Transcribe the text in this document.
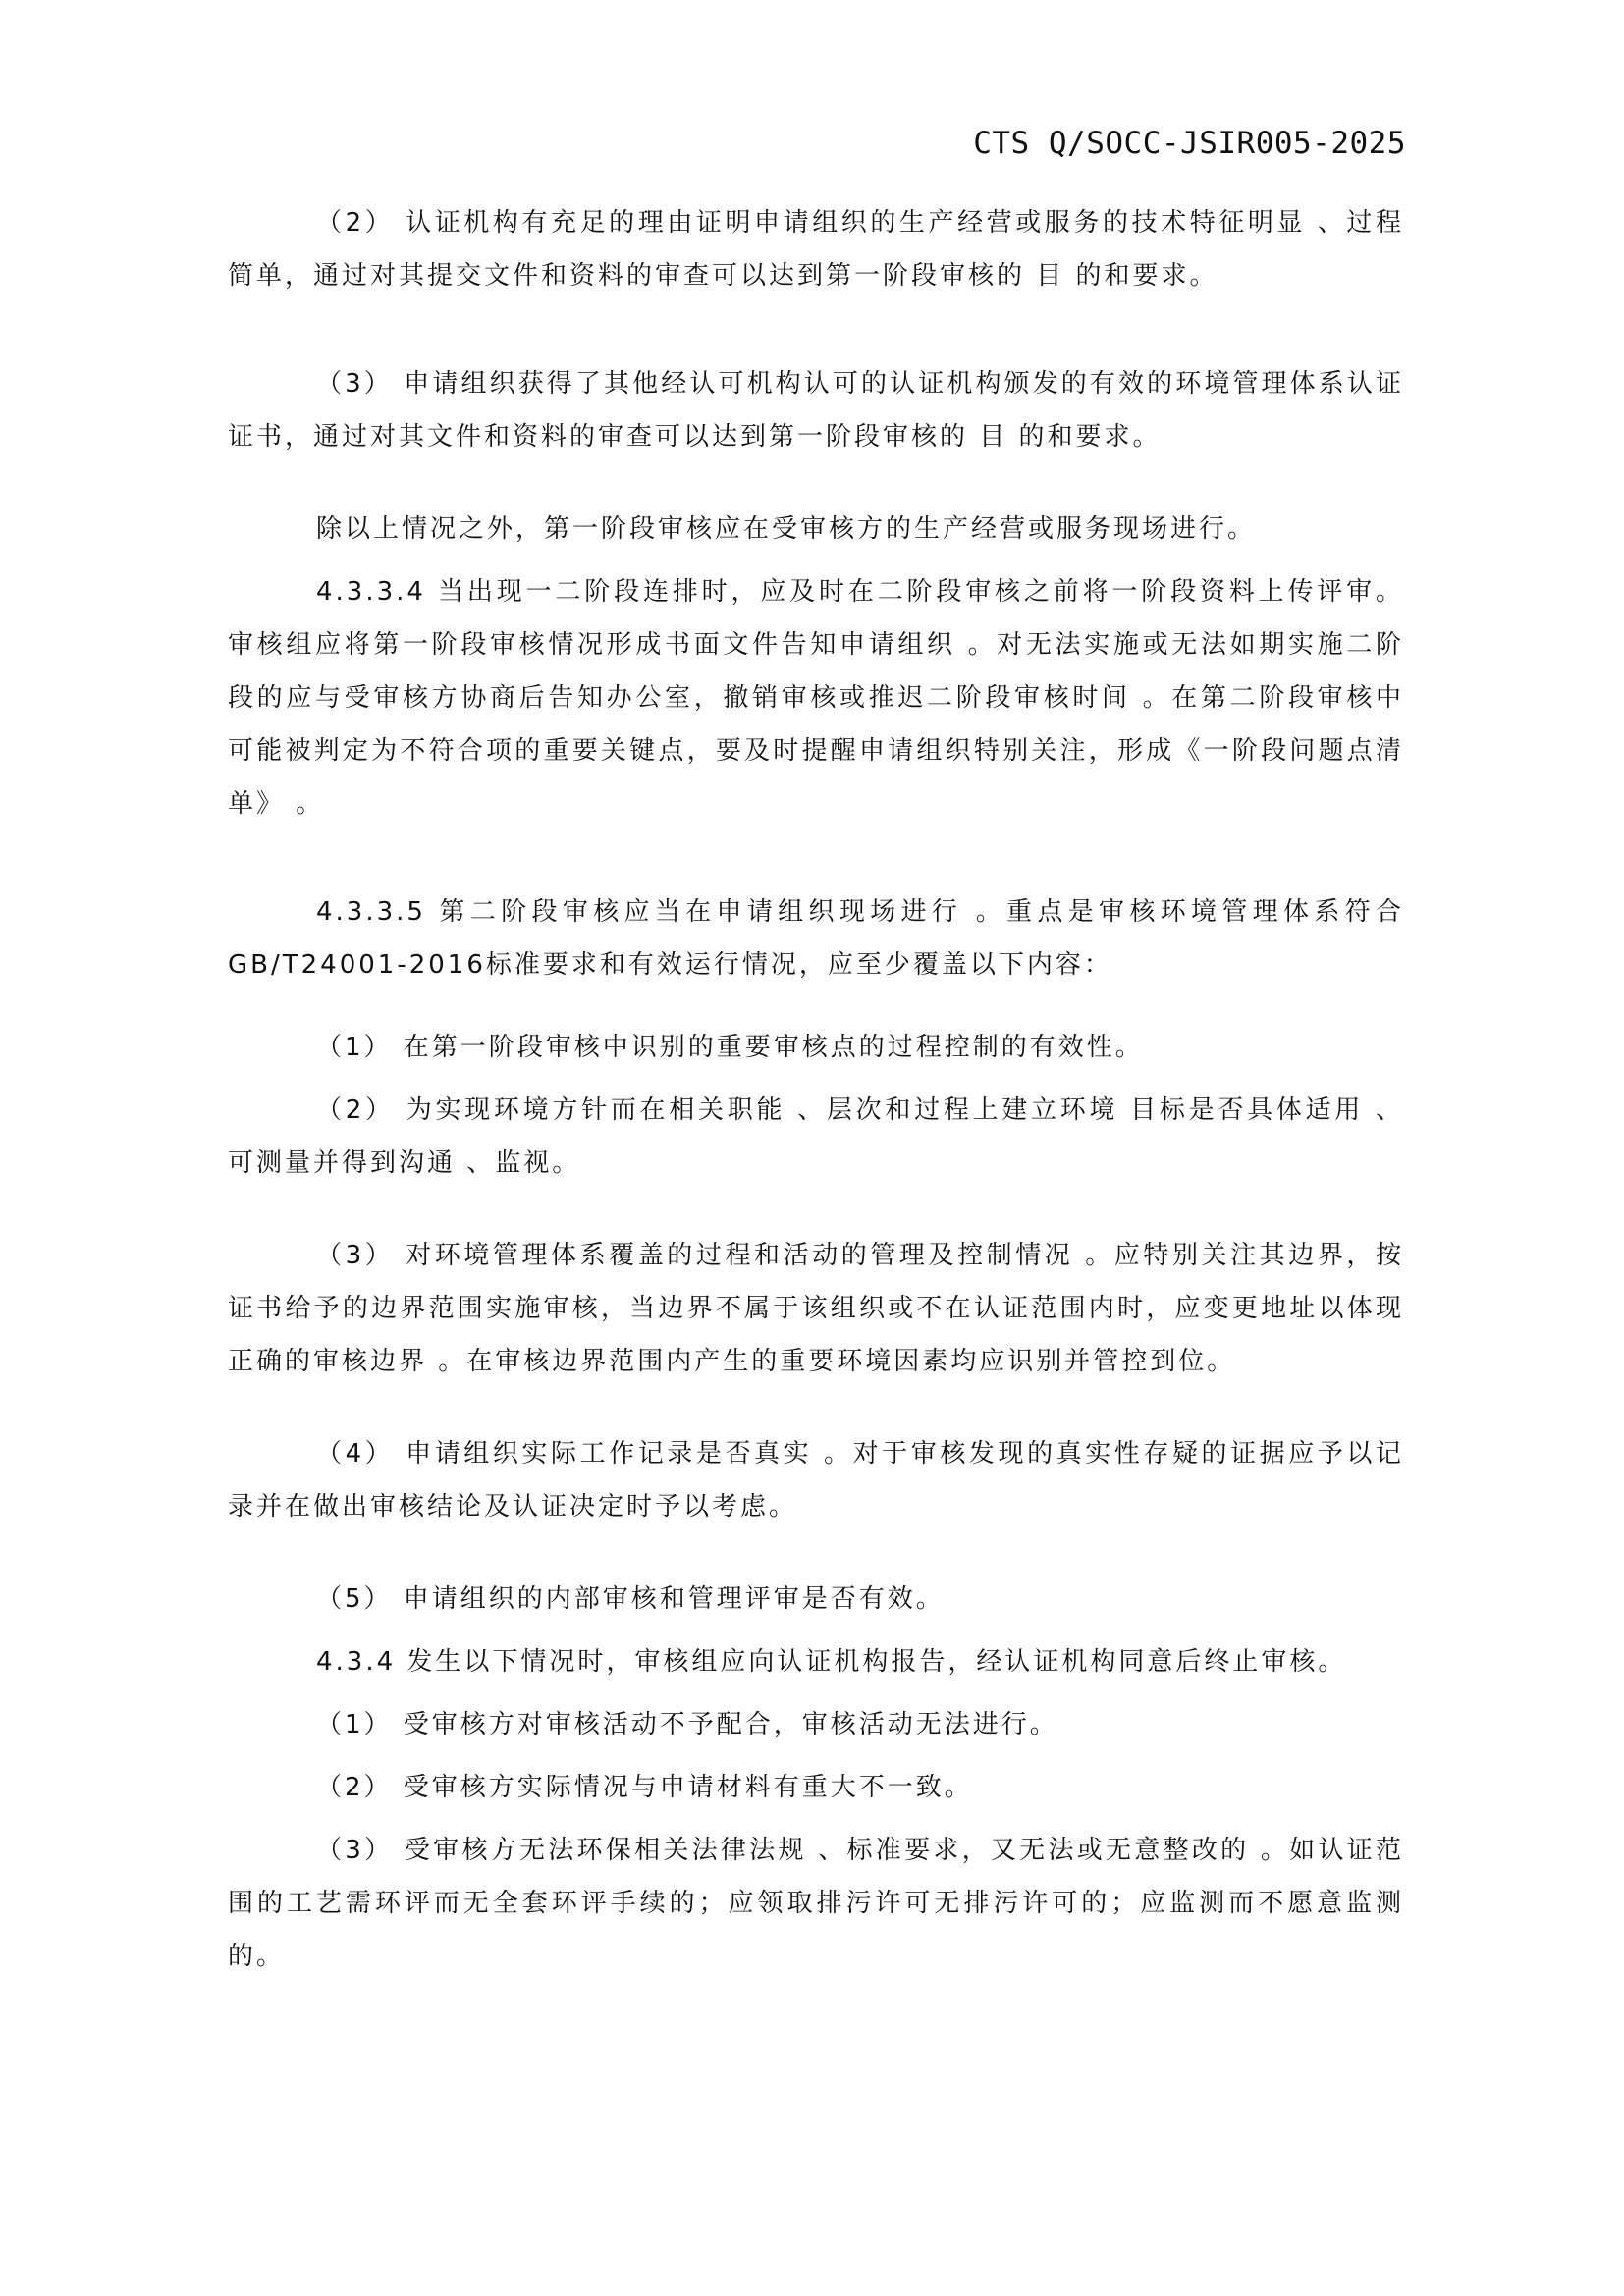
CTS Q/SOCC-JSIR005-2025

（2） 认证机构有充足的理由证明申请组织的生产经营或服务的技术特征明显 、过程简单，通过对其提交文件和资料的审查可以达到第一阶段审核的 目 的和要求。

（3） 申请组织获得了其他经认可机构认可的认证机构颁发的有效的环境管理体系认证证书，通过对其文件和资料的审查可以达到第一阶段审核的 目 的和要求。

除以上情况之外，第一阶段审核应在受审核方的生产经营或服务现场进行。

4.3.3.4 当出现一二阶段连排时，应及时在二阶段审核之前将一阶段资料上传评审。审核组应将第一阶段审核情况形成书面文件告知申请组织 。对无法实施或无法如期实施二阶段的应与受审核方协商后告知办公室，撤销审核或推迟二阶段审核时间 。在第二阶段审核中可能被判定为不符合项的重要关键点，要及时提醒申请组织特别关注，形成《一阶段问题点清单》 。

4.3.3.5 第二阶段审核应当在申请组织现场进行 。重点是审核环境管理体系符合GB/T24001-2016标准要求和有效运行情况，应至少覆盖以下内容：

（1） 在第一阶段审核中识别的重要审核点的过程控制的有效性。

（2） 为实现环境方针而在相关职能 、层次和过程上建立环境 目标是否具体适用 、可测量并得到沟通 、监视。

（3） 对环境管理体系覆盖的过程和活动的管理及控制情况 。应特别关注其边界，按证书给予的边界范围实施审核，当边界不属于该组织或不在认证范围内时，应变更地址以体现正确的审核边界 。在审核边界范围内产生的重要环境因素均应识别并管控到位。

（4） 申请组织实际工作记录是否真实 。对于审核发现的真实性存疑的证据应予以记录并在做出审核结论及认证决定时予以考虑。

（5） 申请组织的内部审核和管理评审是否有效。

4.3.4 发生以下情况时，审核组应向认证机构报告，经认证机构同意后终止审核。

（1） 受审核方对审核活动不予配合，审核活动无法进行。

（2） 受审核方实际情况与申请材料有重大不一致。

（3） 受审核方无法环保相关法律法规 、标准要求，又无法或无意整改的 。如认证范围的工艺需环评而无全套环评手续的；应领取排污许可无排污许可的；应监测而不愿意监测的。
